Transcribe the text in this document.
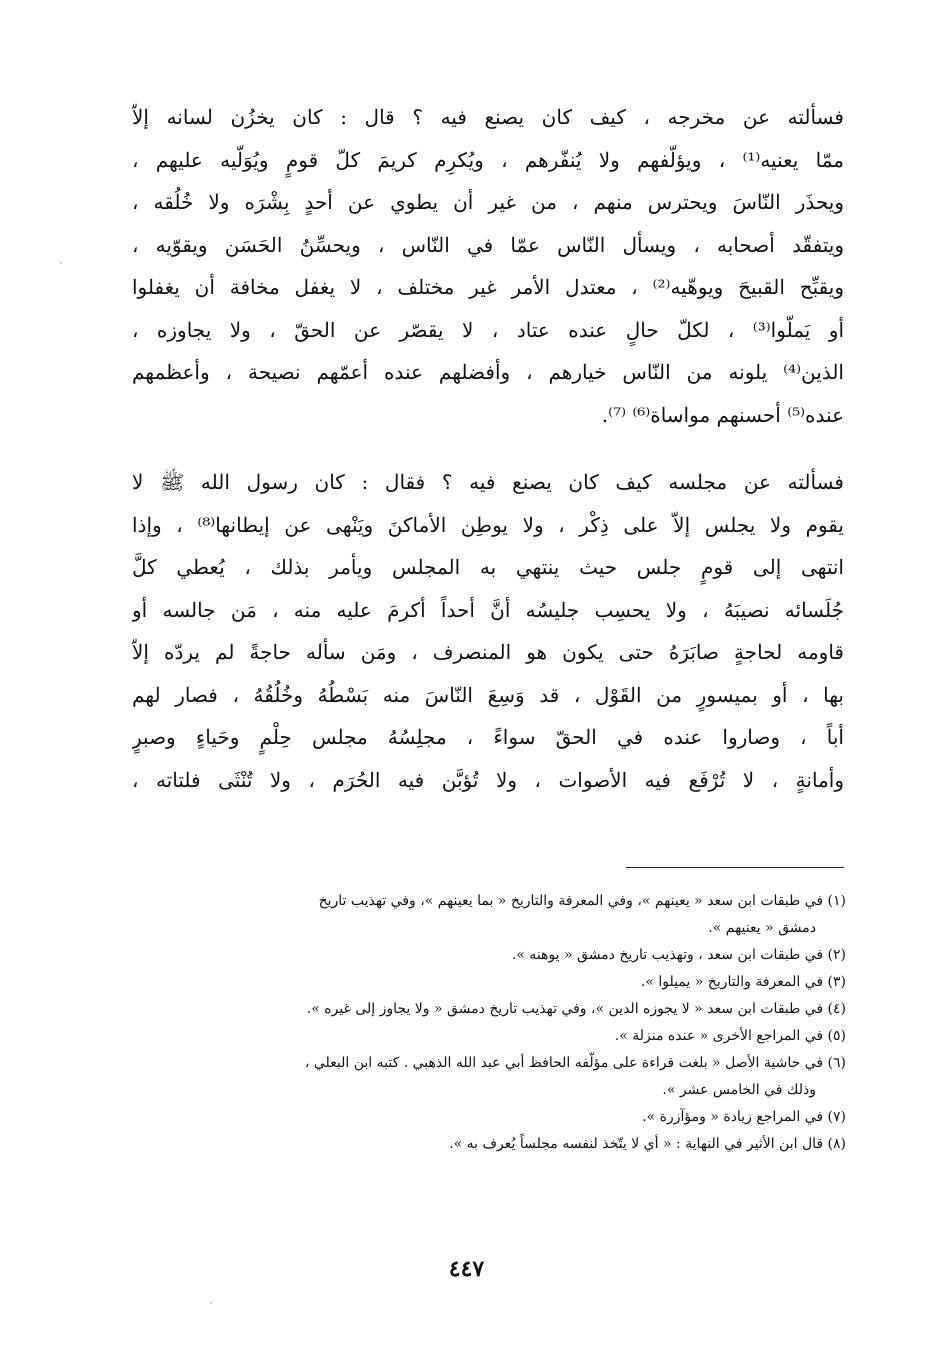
فسألته عن مخرجه ، كيف كان يصنع فيه ؟ قال : كان يخزُن لسانه إلاّ
ممّا يعنيه⁽¹⁾ ، ويؤلّفهم ولا يُنفّرهم ، ويُكرِم كريمَ كلّ قومٍ ويُوَلّيه عليهم ،
ويحذَر النّاسَ ويحترس منهم ، من غير أن يطوي عن أحدٍ بِشْرَه ولا خُلُقه ،
ويتفقّد أصحابه ، ويسأل النّاس عمّا في النّاس ، ويحسِّنُ الحَسَن ويقوّيه ،
ويقبِّح القبيحَ ويوهّيه⁽²⁾ ، معتدل الأمر غير مختلف ، لا يغفل مخافة أن يغفلوا
أو يَملّوا⁽³⁾ ، لكلّ حالٍ عنده عتاد ، لا يقصّر عن الحقّ ، ولا يجاوزه ،
الذين⁽⁴⁾ يلونه من النّاس خيارهم ، وأفضلهم عنده أعمّهم نصيحة ، وأعظمهم
عنده⁽⁵⁾ أحسنهم مواساة⁽⁶⁾ ⁽⁷⁾.

فسألته عن مجلسه كيف كان يصنع فيه ؟ فقال : كان رسول الله ﷺ لا
يقوم ولا يجلس إلاّ على ذِكْر ، ولا يوطِن الأماكنَ ويَنْهى عن إيطانها⁽⁸⁾ ، وإذا
انتهى إلى قومٍ جلس حيث ينتهي به المجلس ويأمر بذلك ، يُعطي كلَّ
جُلَسائه نصيبَهُ ، ولا يحسِب جليسُه أنَّ أحداً أكرمَ عليه منه ، مَن جالسه أو
قاومه لحاجةٍ صابَرَهُ حتى يكون هو المنصرف ، ومَن سأله حاجةً لم يردّه إلاّ
بها ، أو بميسورٍ من القَوْل ، قد وَسِعَ النّاسَ منه بَسْطُهُ وخُلُقُهُ ، فصار لهم
أباً ، وصاروا عنده في الحقّ سواءً ، مجلِسُهُ مجلس حِلْمٍ وحَياءٍ وصبرٍ
وأمانةٍ ، لا تُرْفَع فيه الأصوات ، ولا تُؤبَّن فيه الحُرَم ، ولا تُنْثَى فلتاته ،

(١) في طبقات ابن سعد « يعينهم »، وفي المعرفة والتاريخ « بما يعينهم »، وفي تهذيب تاريخ
دمشق « يعنيهم ».
(٢) في طبقات ابن سعد ، وتهذيب تاريخ دمشق « يوهنه ».
(٣) في المعرفة والتاريخ « يميلوا ».
(٤) في طبقات ابن سعد « لا يجوزه الدين »، وفي تهذيب تاريخ دمشق « ولا يجاوز إلى غيره ».
(٥) في المراجع الأخرى « عنده منزلة ».
(٦) في حاشية الأصل « بلغت قراءة على مؤلّفه الحافظ أبي عبد الله الذهبي . كتبه ابن البعلي ،
وذلك في الخامس عشر ».
(٧) في المراجع زيادة « ومؤآزرة ».
(٨) قال ابن الأثير في النهاية : « أي لا يتّخذ لنفسه مجلساً يُعرف به ».
٤٤٧
